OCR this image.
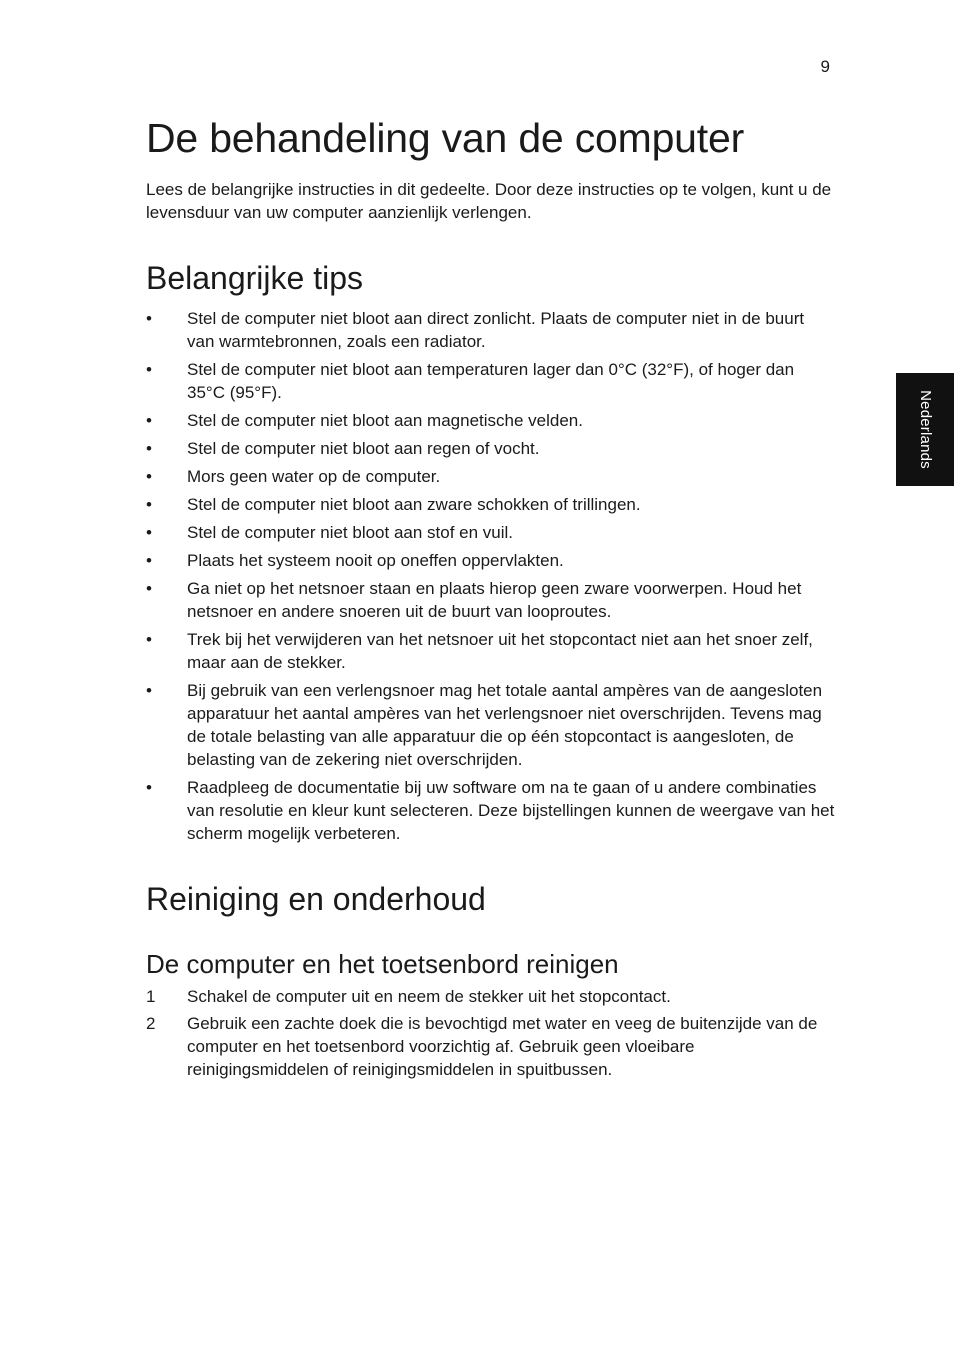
9
Nederlands
De behandeling van de computer

Lees de belangrijke instructies in dit gedeelte. Door deze instructies op te volgen, kunt u de levensduur van uw computer aanzienlijk verlengen.

Belangrijke tips
• Stel de computer niet bloot aan direct zonlicht. Plaats de computer niet in de buurt van warmtebronnen, zoals een radiator.
• Stel de computer niet bloot aan temperaturen lager dan 0°C (32°F), of hoger dan 35°C (95°F).
• Stel de computer niet bloot aan magnetische velden.
• Stel de computer niet bloot aan regen of vocht.
• Mors geen water op de computer.
• Stel de computer niet bloot aan zware schokken of trillingen.
• Stel de computer niet bloot aan stof en vuil.
• Plaats het systeem nooit op oneffen oppervlakten.
• Ga niet op het netsnoer staan en plaats hierop geen zware voorwerpen. Houd het netsnoer en andere snoeren uit de buurt van looproutes.
• Trek bij het verwijderen van het netsnoer uit het stopcontact niet aan het snoer zelf, maar aan de stekker.
• Bij gebruik van een verlengsnoer mag het totale aantal ampères van de aangesloten apparatuur het aantal ampères van het verlengsnoer niet overschrijden. Tevens mag de totale belasting van alle apparatuur die op één stopcontact is aangesloten, de belasting van de zekering niet overschrijden.
• Raadpleeg de documentatie bij uw software om na te gaan of u andere combinaties van resolutie en kleur kunt selecteren. Deze bijstellingen kunnen de weergave van het scherm mogelijk verbeteren.
Reiniging en onderhoud
De computer en het toetsenbord reinigen
1 Schakel de computer uit en neem de stekker uit het stopcontact.
2 Gebruik een zachte doek die is bevochtigd met water en veeg de buitenzijde van de computer en het toetsenbord voorzichtig af. Gebruik geen vloeibare reinigingsmiddelen of reinigingsmiddelen in spuitbussen.
